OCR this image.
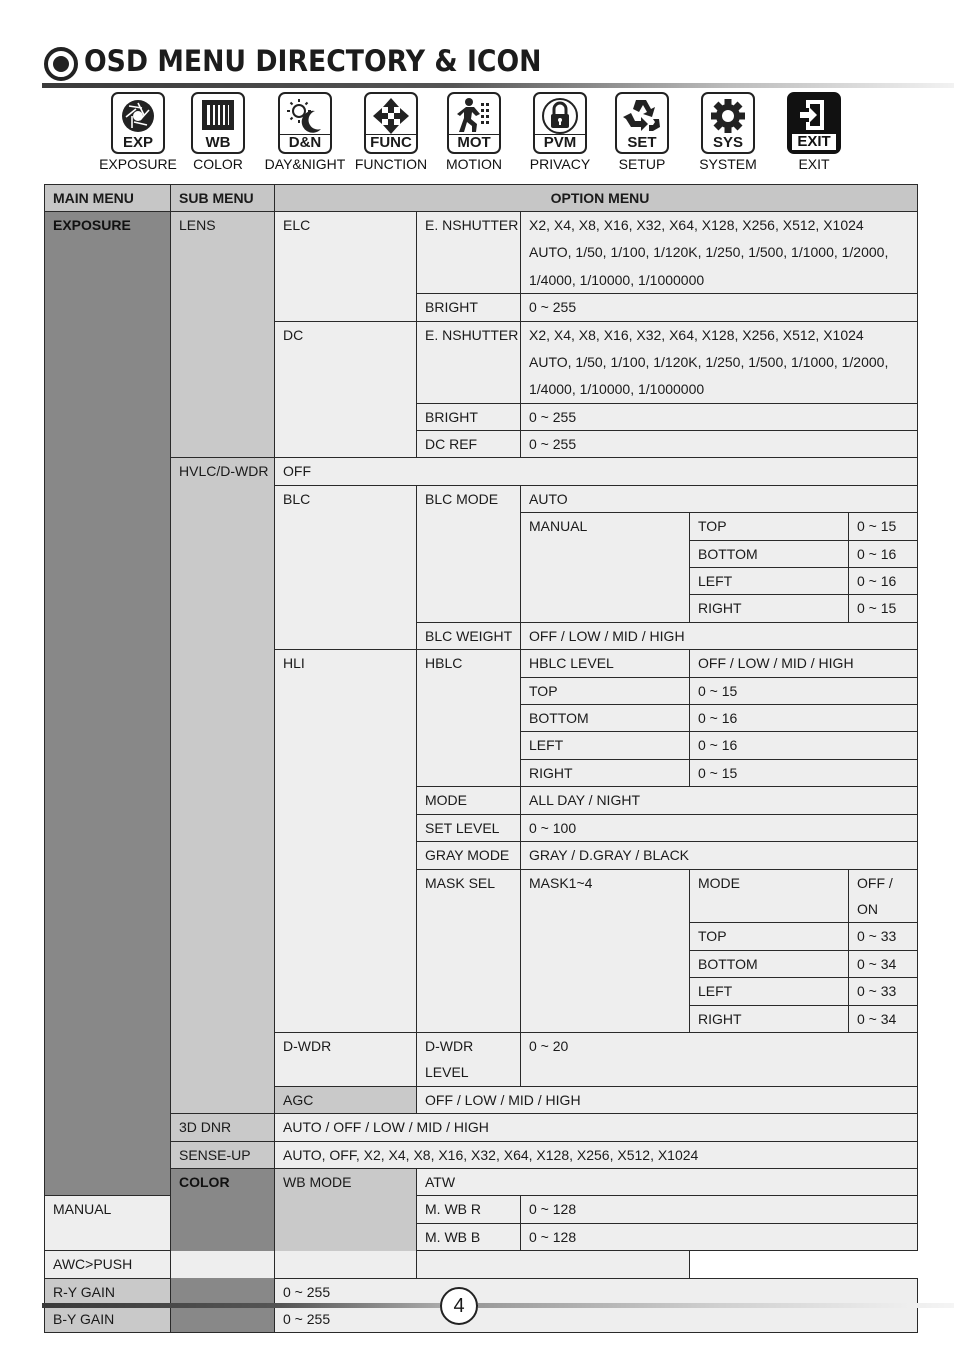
OSD MENU DIRECTORY & ICON
EXP
EXPOSURE
WB
COLOR
D&N
DAY&NIGHT
FUNC
FUNCTION
MOT
MOTION
PVM
PRIVACY
SET
SETUP
SYS
SYSTEM
EXIT
EXIT
MAIN MENU	SUB MENU	OPTION MENU				
EXPOSURE	LENS	ELC	E. NSHUTTER	X2, X4, X8, X16, X32, X64, X128, X256, X512, X1024		
				AUTO, 1/50, 1/100, 1/120K, 1/250, 1/500, 1/1000, 1/2000,		
				1/4000, 1/10000, 1/1000000		
			BRIGHT	0 ~ 255		
		DC	E. NSHUTTER	X2, X4, X8, X16, X32, X64, X128, X256, X512, X1024		
				AUTO, 1/50, 1/100, 1/120K, 1/250, 1/500, 1/1000, 1/2000,		
				1/4000, 1/10000, 1/1000000		
			BRIGHT	0 ~ 255		
			DC REF	0 ~ 255		
	HVLC/D-WDR	OFF				
		BLC	BLC MODE	AUTO		
				MANUAL	TOP	0 ~ 15
					BOTTOM	0 ~ 16
					LEFT	0 ~ 16
					RIGHT	0 ~ 15
			BLC WEIGHT	OFF / LOW / MID / HIGH		
		HLI	HBLC	HBLC LEVEL	OFF / LOW / MID / HIGH	
				TOP	0 ~ 15	
				BOTTOM	0 ~ 16	
				LEFT	0 ~ 16	
				RIGHT	0 ~ 15	
			MODE	ALL DAY / NIGHT		
			SET LEVEL	0 ~ 100		
			GRAY MODE	GRAY / D.GRAY / BLACK		
			MASK SEL	MASK1~4	MODE	OFF / ON
					TOP	0 ~ 33
					BOTTOM	0 ~ 34
					LEFT	0 ~ 33
					RIGHT	0 ~ 34
		D-WDR	D-WDR LEVEL	0 ~ 20		
		AGC	OFF / LOW / MID / HIGH			
	3D DNR	AUTO / OFF / LOW / MID / HIGH				
	SENSE-UP	AUTO, OFF, X2, X4, X8, X16, X32, X64, X128, X256, X512, X1024				
	COLOR	WB MODE	ATW			
MANUAL			M. WB R	0 ~ 128		
			M. WB B	0 ~ 128		
AWC>PUSH						
R-Y GAIN		0 ~ 255				
B-Y GAIN		0 ~ 255				
4
